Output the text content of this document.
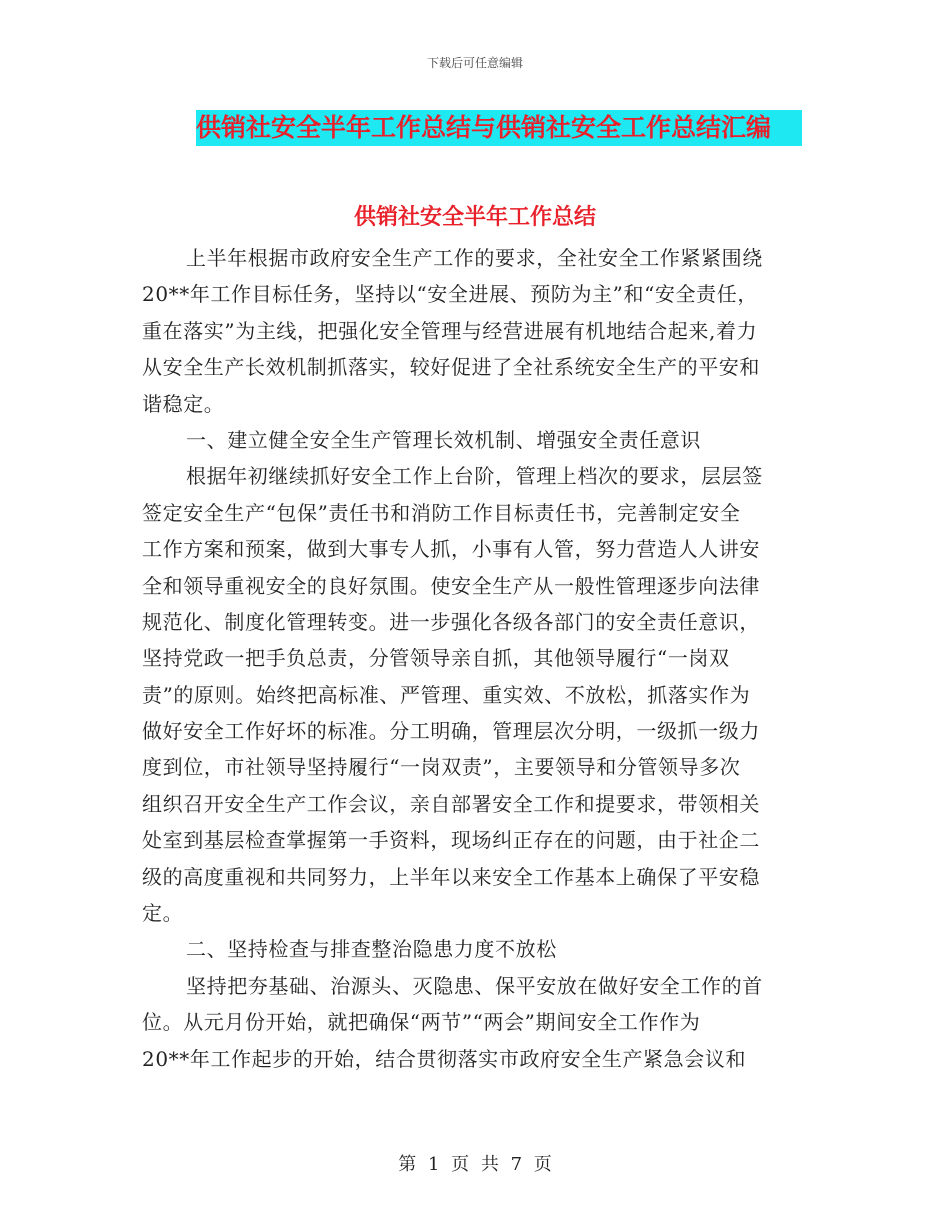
下载后可任意编辑
供销社安全半年工作总结与供销社安全工作总结汇编
供销社安全半年工作总结
上半年根据市政府安全生产工作的要求，全社安全工作紧紧围绕
20**年工作目标任务，坚持以“安全进展、预防为主”和“安全责任，
重在落实”为主线，把强化安全管理与经营进展有机地结合起来,着力
从安全生产长效机制抓落实，较好促进了全社系统安全生产的平安和
谐稳定。
一、建立健全安全生产管理长效机制、增强安全责任意识
根据年初继续抓好安全工作上台阶，管理上档次的要求，层层签
签定安全生产“包保”责任书和消防工作目标责任书，完善制定安全
工作方案和预案，做到大事专人抓，小事有人管，努力营造人人讲安
全和领导重视安全的良好氛围。使安全生产从一般性管理逐步向法律
规范化、制度化管理转变。进一步强化各级各部门的安全责任意识，
坚持党政一把手负总责，分管领导亲自抓，其他领导履行“一岗双
责”的原则。始终把高标准、严管理、重实效、不放松，抓落实作为
做好安全工作好坏的标准。分工明确，管理层次分明，一级抓一级力
度到位，市社领导坚持履行“一岗双责”，主要领导和分管领导多次
组织召开安全生产工作会议，亲自部署安全工作和提要求，带领相关
处室到基层检查掌握第一手资料，现场纠正存在的问题，由于社企二
级的高度重视和共同努力，上半年以来安全工作基本上确保了平安稳
定。
二、坚持检查与排查整治隐患力度不放松
坚持把夯基础、治源头、灭隐患、保平安放在做好安全工作的首
位。从元月份开始，就把确保“两节”“两会”期间安全工作作为
20**年工作起步的开始，结合贯彻落实市政府安全生产紧急会议和
第 1 页 共 7 页
